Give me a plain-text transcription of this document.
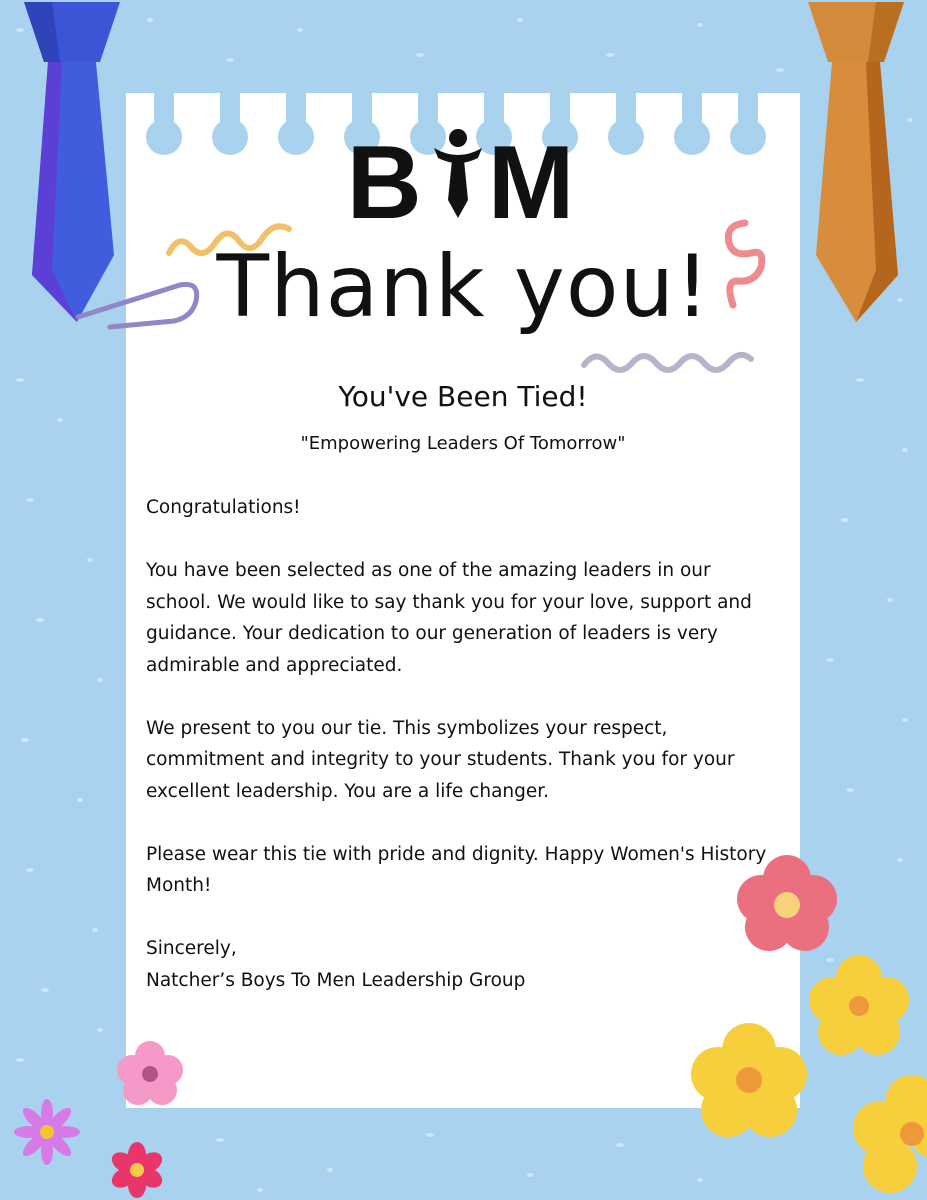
B M
Thank you!
You've Been Tied!
"Empowering Leaders Of Tomorrow"

Congratulations!

You have been selected as one of the amazing leaders in our school. We would like to say thank you for your love, support and guidance. Your dedication to our generation of leaders is very admirable and appreciated.

We present to you our tie. This symbolizes your respect, commitment and integrity to your students. Thank you for your excellent leadership. You are a life changer.

Please wear this tie with pride and dignity. Happy Women's History Month!

Sincerely,

Natcher’s Boys To Men Leadership Group
